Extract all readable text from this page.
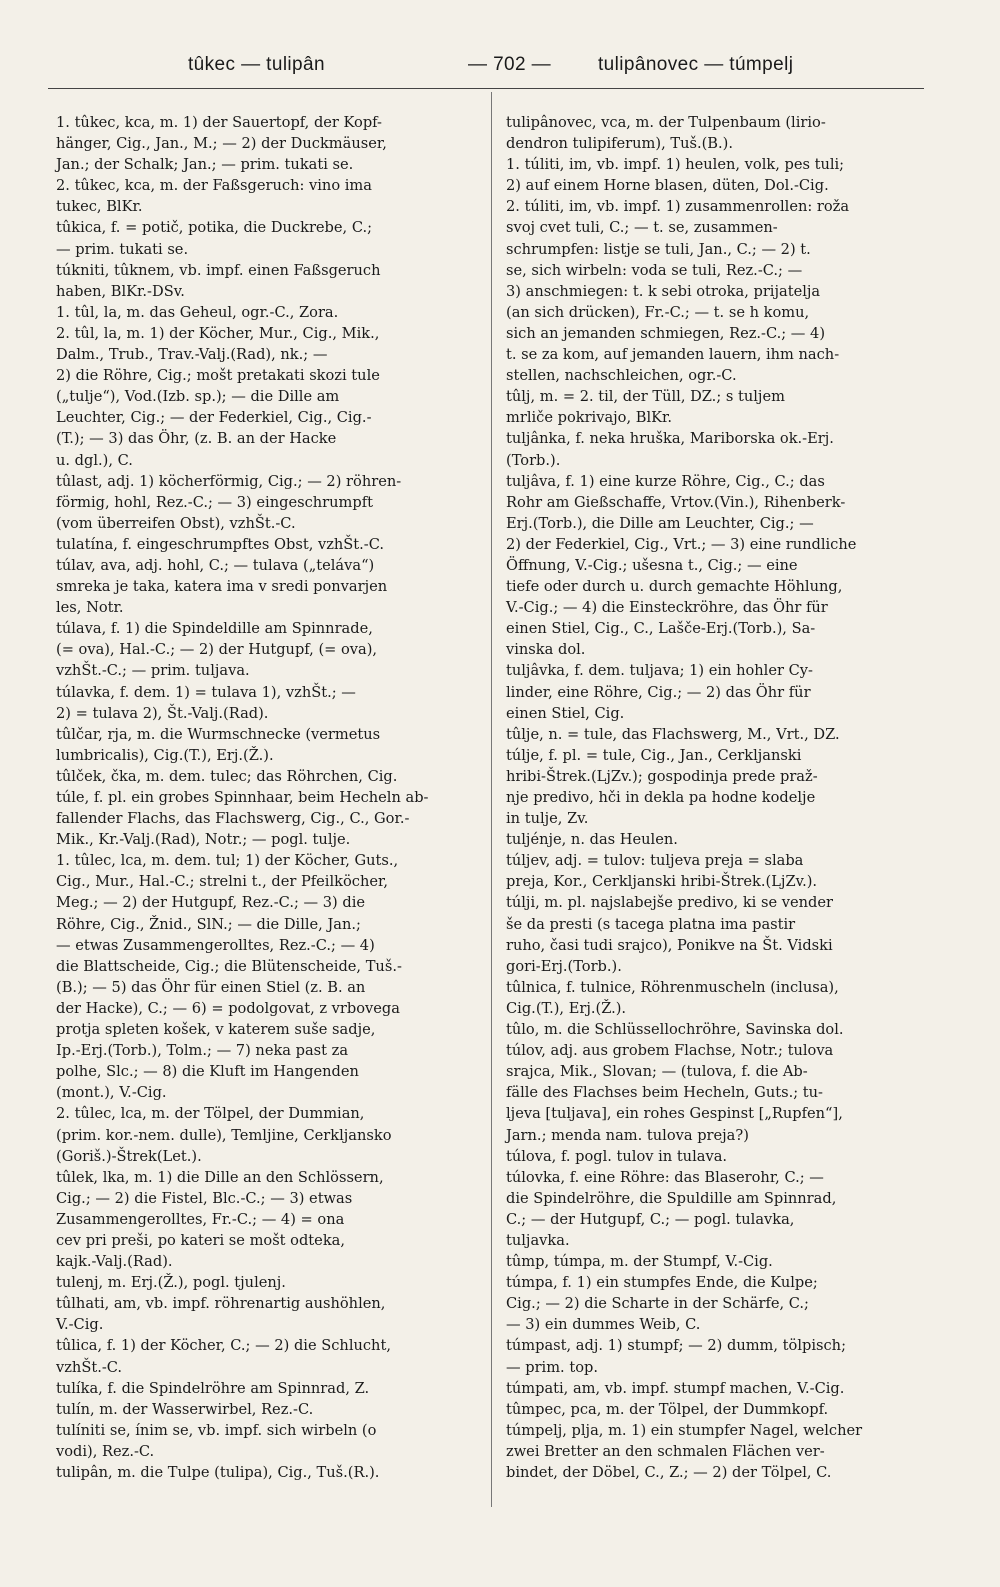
tûkec — tulipân	— 702 — tulipânovec — túmpelj

1. tûkec, kca, m. 1) der Sauertopf, der Kopf-
hänger, Cig., Jan., M.; — 2) der Duckmäuser,
Jan.; der Schalk; Jan.; — prim. tukati se.

2. tûkec, kca, m. der Faßsgeruch: vino ima
tukec, BlKr.

tûkica, f. = potič, potika, die Duckrebe, C.;
— prim. tukati se.

túkniti, tûknem, vb. impf. einen Faßsgeruch
haben, BlKr.-DSv.

1. tûl, la, m. das Geheul, ogr.-C., Zora.

2. tûl, la, m. 1) der Köcher, Mur., Cig., Mik.,
Dalm., Trub., Trav.-Valj.(Rad), nk.; —
2) die Röhre, Cig.; mošt pretakati skozi tule
(„tulje“), Vod.(Izb. sp.); — die Dille am
Leuchter, Cig.; — der Federkiel, Cig., Cig.-
(T.); — 3) das Öhr, (z. B. an der Hacke
u. dgl.), C.

tûlast, adj. 1) köcherförmig, Cig.; — 2) röhren-
förmig, hohl, Rez.-C.; — 3) eingeschrumpft
(vom überreifen Obst), vzhŠt.-C.

tulatína, f. eingeschrumpftes Obst, vzhŠt.-C.

túlav, ava, adj. hohl, C.; — tulava („teláva“)
smreka je taka, katera ima v sredi ponvarjen
les, Notr.

túlava, f. 1) die Spindeldille am Spinnrade,
(= ova), Hal.-C.; — 2) der Hutgupf, (= ova),
vzhŠt.-C.; — prim. tuljava.

túlavka, f. dem. 1) = tulava 1), vzhŠt.; —
2) = tulava 2), Št.-Valj.(Rad).

tûlčar, rja, m. die Wurmschnecke (vermetus
lumbricalis), Cig.(T.), Erj.(Ž.).

tûlček, čka, m. dem. tulec; das Röhrchen, Cig.

túle, f. pl. ein grobes Spinnhaar, beim Hecheln ab-
fallender Flachs, das Flachswerg, Cig., C., Gor.-
Mik., Kr.-Valj.(Rad), Notr.; — pogl. tulje.

1. tûlec, lca, m. dem. tul; 1) der Köcher, Guts.,
Cig., Mur., Hal.-C.; strelni t., der Pfeilköcher,
Meg.; — 2) der Hutgupf, Rez.-C.; — 3) die
Röhre, Cig., Žnid., SlN.; — die Dille, Jan.;
— etwas Zusammengerolltes, Rez.-C.; — 4)
die Blattscheide, Cig.; die Blütenscheide, Tuš.-
(B.); — 5) das Öhr für einen Stiel (z. B. an
der Hacke), C.; — 6) = podolgovat, z vrbovega
protja spleten košek, v katerem suše sadje,
Ip.-Erj.(Torb.), Tolm.; — 7) neka past za
polhe, Slc.; — 8) die Kluft im Hangenden
(mont.), V.-Cig.

2. tûlec, lca, m. der Tölpel, der Dummian,
(prim. kor.-nem. dulle), Temljine, Cerkljansko
(Goriš.)-Štrek(Let.).

tûlek, lka, m. 1) die Dille an den Schlössern,
Cig.; — 2) die Fistel, Blc.-C.; — 3) etwas
Zusammengerolltes, Fr.-C.; — 4) = ona
cev pri preši, po kateri se mošt odteka,
kajk.-Valj.(Rad).

tulenj, m. Erj.(Ž.), pogl. tjulenj.

tûlhati, am, vb. impf. röhrenartig aushöhlen,
V.-Cig.

tûlica, f. 1) der Köcher, C.; — 2) die Schlucht,
vzhŠt.-C.

tulíka, f. die Spindelröhre am Spinnrad, Z.

tulín, m. der Wasserwirbel, Rez.-C.

tulíniti se, ínim se, vb. impf. sich wirbeln (o
vodi), Rez.-C.

tulipân, m. die Tulpe (tulipa), Cig., Tuš.(R.).

tulipânovec, vca, m. der Tulpenbaum (lirio-
dendron tulipiferum), Tuš.(B.).

1. túliti, im, vb. impf. 1) heulen, volk, pes tuli;
2) auf einem Horne blasen, düten, Dol.-Cig.

2. túliti, im, vb. impf. 1) zusammenrollen: roža
svoj cvet tuli, C.; — t. se, zusammen-
schrumpfen: listje se tuli, Jan., C.; — 2) t.
se, sich wirbeln: voda se tuli, Rez.-C.; —
3) anschmiegen: t. k sebi otroka, prijatelja
(an sich drücken), Fr.-C.; — t. se h komu,
sich an jemanden schmiegen, Rez.-C.; — 4)
t. se za kom, auf jemanden lauern, ihm nach-
stellen, nachschleichen, ogr.-C.

tûlj, m. = 2. til, der Tüll, DZ.; s tuljem
mrliče pokrivajo, BlKr.

tuljânka, f. neka hruška, Mariborska ok.-Erj.
(Torb.).

tuljâva, f. 1) eine kurze Röhre, Cig., C.; das
Rohr am Gießschaffe, Vrtov.(Vin.), Rihenberk-
Erj.(Torb.), die Dille am Leuchter, Cig.; —
2) der Federkiel, Cig., Vrt.; — 3) eine rundliche
Öffnung, V.-Cig.; ušesna t., Cig.; — eine
tiefe oder durch u. durch gemachte Höhlung,
V.-Cig.; — 4) die Einsteckröhre, das Öhr für
einen Stiel, Cig., C., Lašče-Erj.(Torb.), Sa-
vinska dol.

tuljâvka, f. dem. tuljava; 1) ein hohler Cy-
linder, eine Röhre, Cig.; — 2) das Öhr für
einen Stiel, Cig.

tûlje, n. = tule, das Flachswerg, M., Vrt., DZ.

túlje, f. pl. = tule, Cig., Jan., Cerkljanski
hribi-Štrek.(LjZv.); gospodinja prede praž-
nje predivo, hči in dekla pa hodne kodelje
in tulje, Zv.

tuljénje, n. das Heulen.

túljev, adj. = tulov: tuljeva preja = slaba
preja, Kor., Cerkljanski hribi-Štrek.(LjZv.).

túlji, m. pl. najslabejše predivo, ki se vender
še da presti (s tacega platna ima pastir
ruho, časi tudi srajco), Ponikve na Št. Vidski
gori-Erj.(Torb.).

tûlnica, f. tulnice, Röhrenmuscheln (inclusa),
Cig.(T.), Erj.(Ž.).

tûlo, m. die Schlüssellochröhre, Savinska dol.

túlov, adj. aus grobem Flachse, Notr.; tulova
srajca, Mik., Slovan; — (tulova, f. die Ab-
fälle des Flachses beim Hecheln, Guts.; tu-
ljeva [tuljava], ein rohes Gespinst [„Rupfen“],
Jarn.; menda nam. tulova preja?)

túlova, f. pogl. tulov in tulava.

túlovka, f. eine Röhre: das Blaserohr, C.; —
die Spindelröhre, die Spuldille am Spinnrad,
C.; — der Hutgupf, C.; — pogl. tulavka,
tuljavka.

tûmp, túmpa, m. der Stumpf, V.-Cig.

túmpa, f. 1) ein stumpfes Ende, die Kulpe;
Cig.; — 2) die Scharte in der Schärfe, C.;
— 3) ein dummes Weib, C.

túmpast, adj. 1) stumpf; — 2) dumm, tölpisch;
— prim. top.

túmpati, am, vb. impf. stumpf machen, V.-Cig.

tûmpec, pca, m. der Tölpel, der Dummkopf.

túmpelj, plja, m. 1) ein stumpfer Nagel, welcher
zwei Bretter an den schmalen Flächen ver-
bindet, der Döbel, C., Z.; — 2) der Tölpel, C.
